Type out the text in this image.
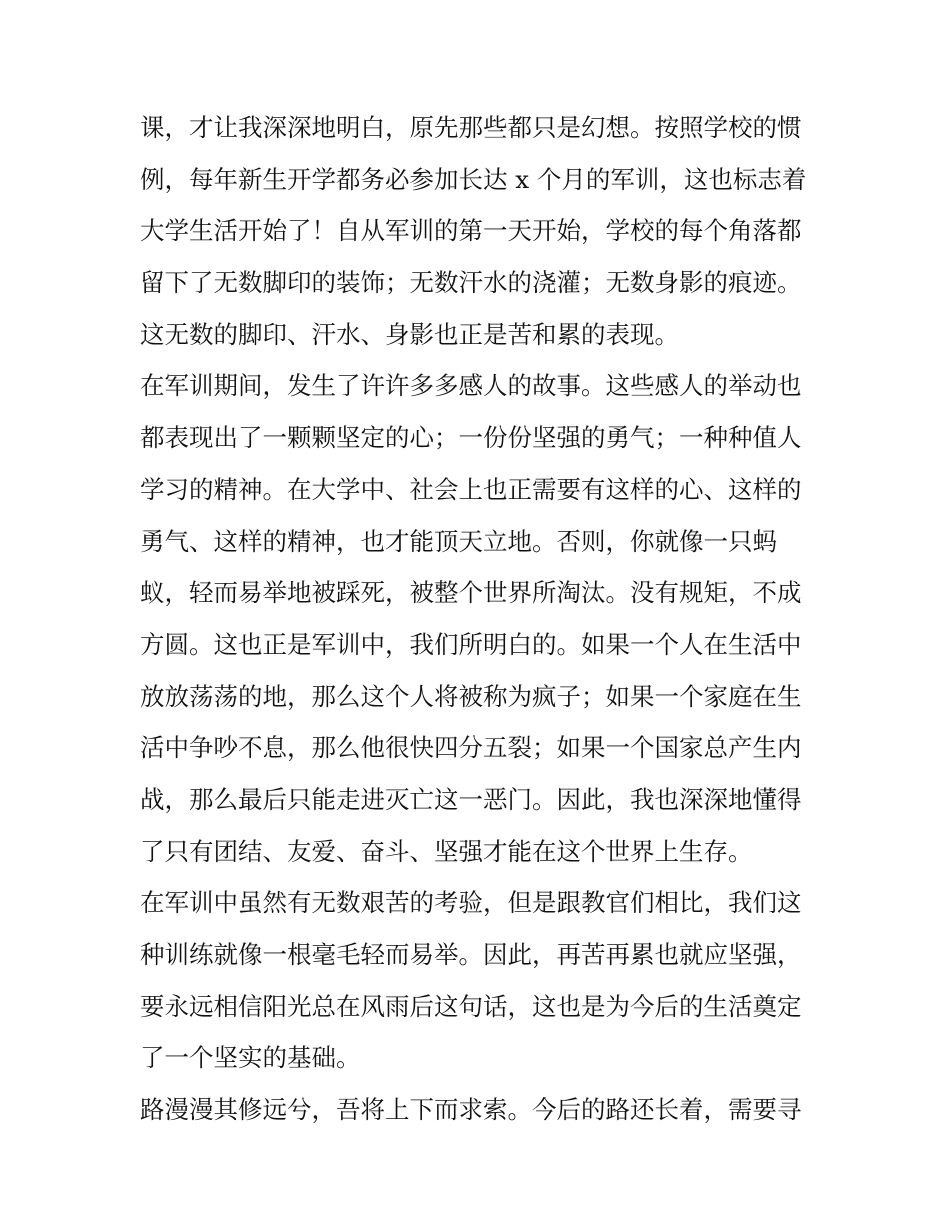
课，才让我深深地明白，原先那些都只是幻想。按照学校的惯
例，每年新生开学都务必参加长达 x 个月的军训，这也标志着
大学生活开始了！自从军训的第一天开始，学校的每个角落都
留下了无数脚印的装饰；无数汗水的浇灌；无数身影的痕迹。
这无数的脚印、汗水、身影也正是苦和累的表现。
在军训期间，发生了许许多多感人的故事。这些感人的举动也
都表现出了一颗颗坚定的心；一份份坚强的勇气；一种种值人
学习的精神。在大学中、社会上也正需要有这样的心、这样的
勇气、这样的精神，也才能顶天立地。否则，你就像一只蚂
蚁，轻而易举地被踩死，被整个世界所淘汰。没有规矩，不成
方圆。这也正是军训中，我们所明白的。如果一个人在生活中
放放荡荡的地，那么这个人将被称为疯子；如果一个家庭在生
活中争吵不息，那么他很快四分五裂；如果一个国家总产生内
战，那么最后只能走进灭亡这一恶门。因此，我也深深地懂得
了只有团结、友爱、奋斗、坚强才能在这个世界上生存。
在军训中虽然有无数艰苦的考验，但是跟教官们相比，我们这
种训练就像一根毫毛轻而易举。因此，再苦再累也就应坚强，
要永远相信阳光总在风雨后这句话，这也是为今后的生活奠定
了一个坚实的基础。
路漫漫其修远兮，吾将上下而求索。今后的路还长着，需要寻
